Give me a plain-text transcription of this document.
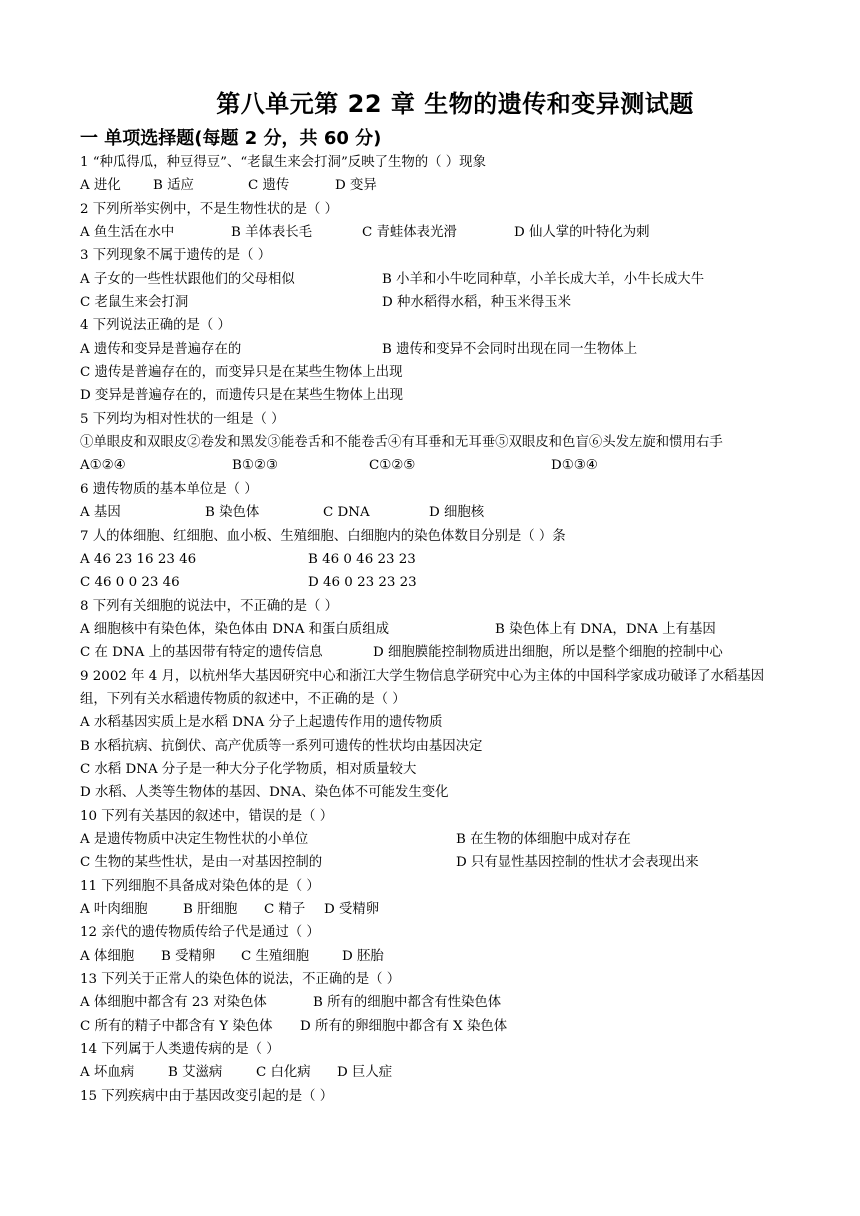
第八单元第 22 章 生物的遗传和变异测试题
一 单项选择题(每题 2 分，共 60 分)
1 “种瓜得瓜，种豆得豆”、“老鼠生来会打洞”反映了生物的（ ）现象
A 进化 B 适应	C 遗传	D 变异
2 下列所举实例中，不是生物性状的是（ ）
A 鱼生活在水中	B 羊体表长毛	C 青蛙体表光滑	D 仙人掌的叶特化为刺
3 下列现象不属于遗传的是（ ）
A 子女的一些性状跟他们的父母相似	B 小羊和小牛吃同种草，小羊长成大羊，小牛长成大牛
C 老鼠生来会打洞	D 种水稻得水稻，种玉米得玉米
4 下列说法正确的是（ ）
A 遗传和变异是普遍存在的	B 遗传和变异不会同时出现在同一生物体上
C 遗传是普遍存在的，而变异只是在某些生物体上出现
D 变异是普遍存在的，而遗传只是在某些生物体上出现
5 下列均为相对性状的一组是（ ）
①单眼皮和双眼皮②卷发和黑发③能卷舌和不能卷舌④有耳垂和无耳垂⑤双眼皮和色盲⑥头发左旋和惯用右手
A①②④	B①②③	C①②⑤	D①③④
6 遗传物质的基本单位是（ ）
A 基因	B 染色体	C DNA	D 细胞核
7 人的体细胞、红细胞、血小板、生殖细胞、白细胞内的染色体数目分别是（ ）条
A 46 23 16 23 46	B 46 0 46 23 23
C 46 0 0 23 46	D 46 0 23 23 23
8 下列有关细胞的说法中，不正确的是（ ）
A 细胞核中有染色体，染色体由 DNA 和蛋白质组成	B 染色体上有 DNA，DNA 上有基因
C 在 DNA 上的基因带有特定的遗传信息	D 细胞膜能控制物质进出细胞，所以是整个细胞的控制中心
9 2002 年 4 月，以杭州华大基因研究中心和浙江大学生物信息学研究中心为主体的中国科学家成功破译了水稻基因组，下列有关水稻遗传物质的叙述中，不正确的是（ ）
A 水稻基因实质上是水稻 DNA 分子上起遗传作用的遗传物质
B 水稻抗病、抗倒伏、高产优质等一系列可遗传的性状均由基因决定
C 水稻 DNA 分子是一种大分子化学物质，相对质量较大
D 水稻、人类等生物体的基因、DNA、染色体不可能发生变化
10 下列有关基因的叙述中，错误的是（ ）
A 是遗传物质中决定生物性状的小单位	B 在生物的体细胞中成对存在
C 生物的某些性状，是由一对基因控制的	D 只有显性基因控制的性状才会表现出来
11 下列细胞不具备成对染色体的是（ ）
A 叶肉细胞	B 肝细胞 C 精子 D 受精卵
12 亲代的遗传物质传给子代是通过（ ）
A 体细胞 B 受精卵 C 生殖细胞 D 胚胎
13 下列关于正常人的染色体的说法，不正确的是（ ）
A 体细胞中都含有 23 对染色体	B 所有的细胞中都含有性染色体
C 所有的精子中都含有 Y 染色体 D 所有的卵细胞中都含有 X 染色体
14 下列属于人类遗传病的是（ ）
A 坏血病	B 艾滋病	C 白化病 D 巨人症
15 下列疾病中由于基因改变引起的是（ ）
